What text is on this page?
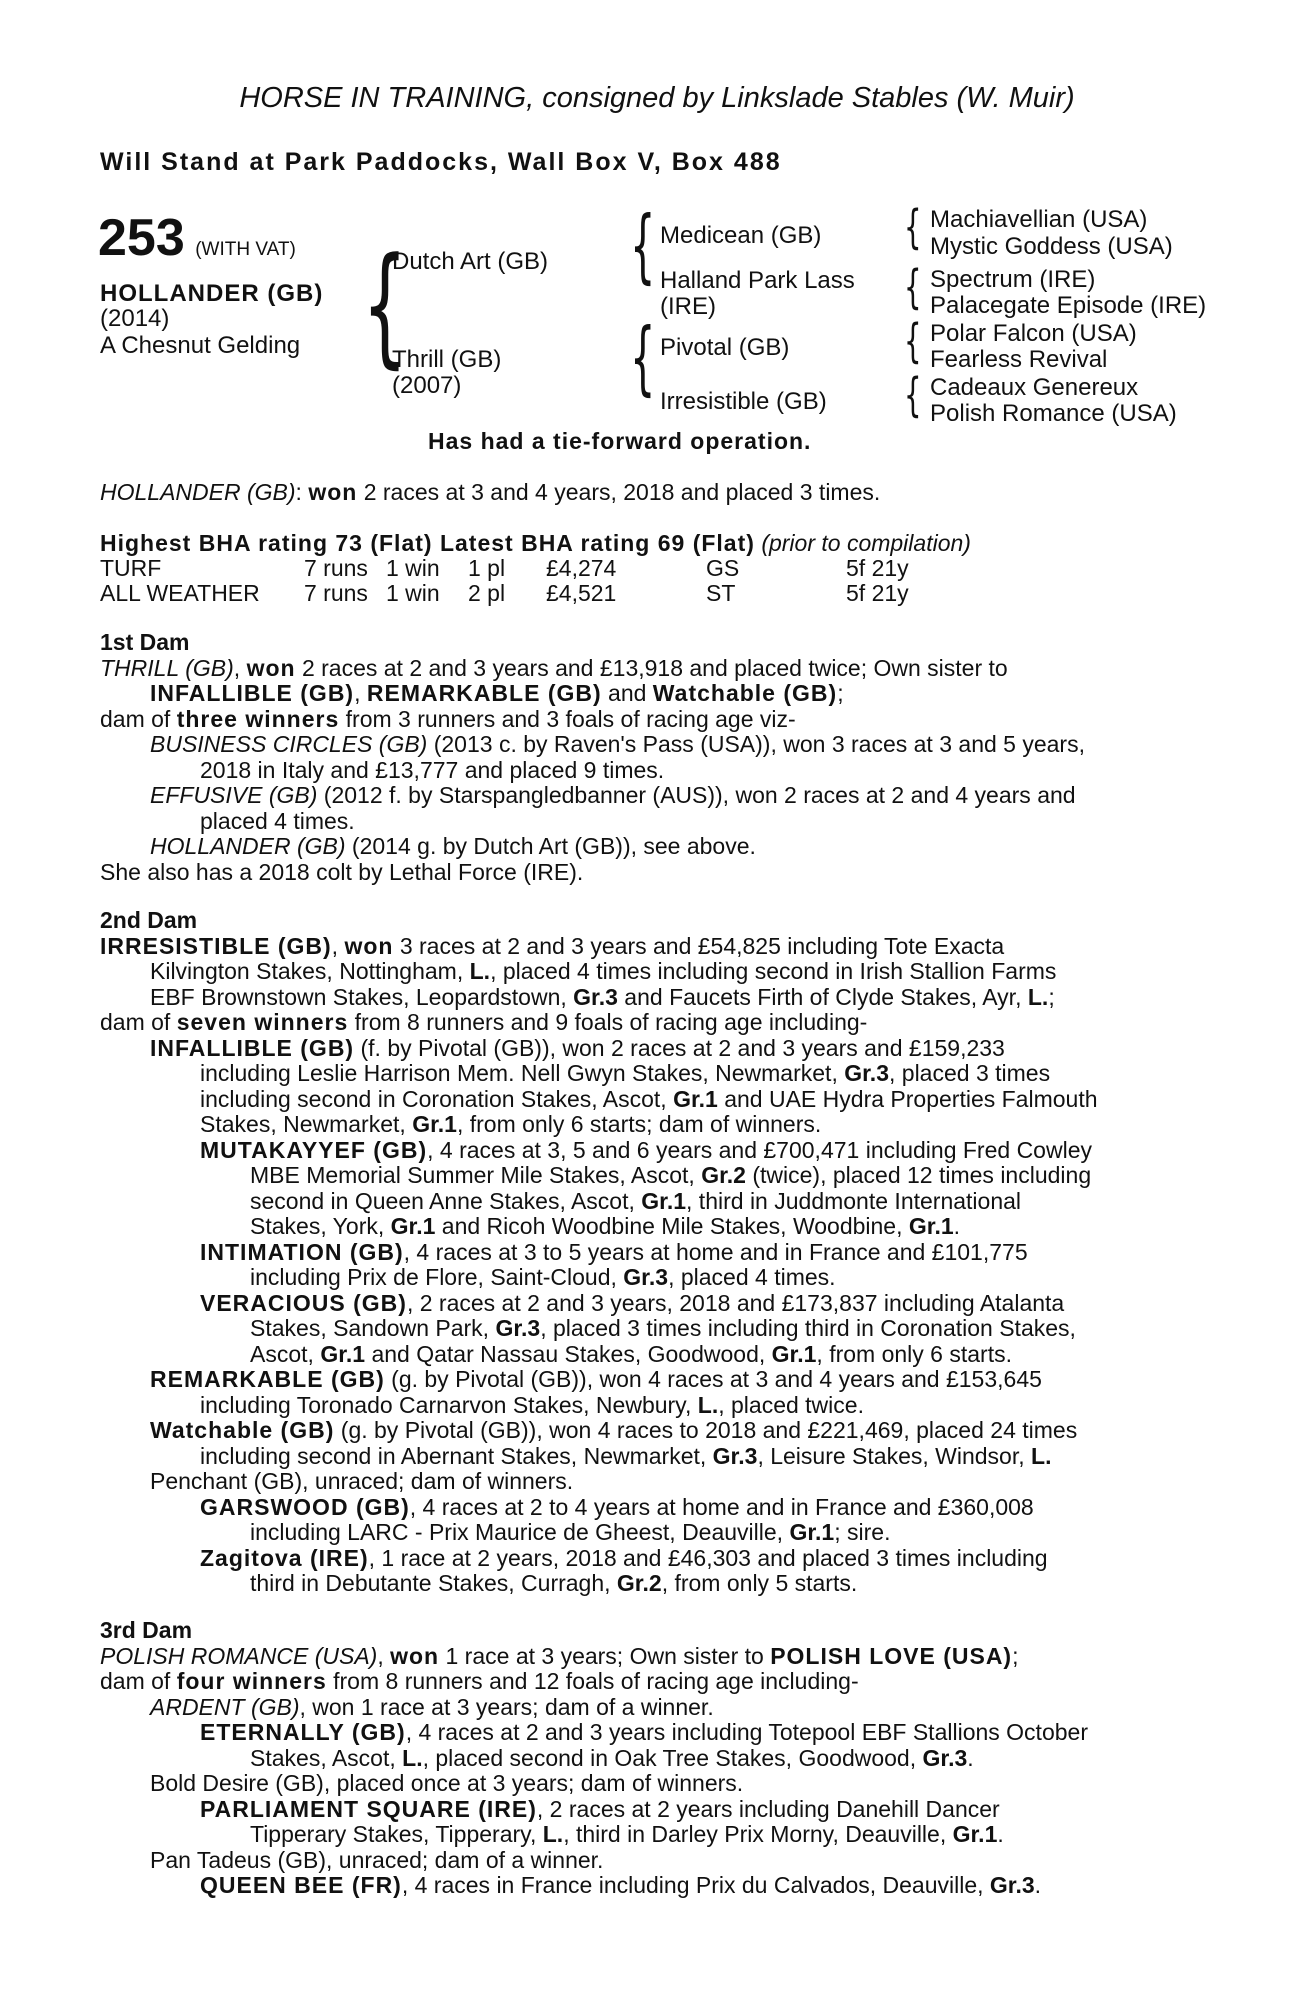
HORSE IN TRAINING, consigned by Linkslade Stables (W. Muir)
Will Stand at Park Paddocks, Wall Box V, Box 488
253 (WITH VAT)
HOLLANDER (GB)
(2014)
A Chesnut Gelding {
Dutch Art (GB)
Thrill (GB)
(2007)
{ Medicean (GB)
Halland Park Lass
(IRE)
{ Pivotal (GB)
Irresistible (GB)
{ Machiavellian (USA)
Mystic Goddess (USA)
{ Spectrum (IRE)
Palacegate Episode (IRE)
{ Polar Falcon (USA)
Fearless Revival
{ Cadeaux Genereux
Polish Romance (USA)
Has had a tie-forward operation.
HOLLANDER (GB): won 2 races at 3 and 4 years, 2018 and placed 3 times.
Highest BHA rating 73 (Flat) Latest BHA rating 69 (Flat) (prior to compilation)
TURF	7 runs 1 win 1 pl £4,274	GS	5f 21y
ALL WEATHER 7 runs 1 win 2 pl £4,521	ST	5f 21y
1st Dam
THRILL (GB), won 2 races at 2 and 3 years and £13,918 and placed twice; Own sister to
INFALLIBLE (GB), REMARKABLE (GB) and Watchable (GB);
dam of three winners from 3 runners and 3 foals of racing age viz-
BUSINESS CIRCLES (GB) (2013 c. by Raven's Pass (USA)), won 3 races at 3 and 5 years,
2018 in Italy and £13,777 and placed 9 times.
EFFUSIVE (GB) (2012 f. by Starspangledbanner (AUS)), won 2 races at 2 and 4 years and
placed 4 times.
HOLLANDER (GB) (2014 g. by Dutch Art (GB)), see above.
She also has a 2018 colt by Lethal Force (IRE).
2nd Dam
IRRESISTIBLE (GB), won 3 races at 2 and 3 years and £54,825 including Tote Exacta
Kilvington Stakes, Nottingham, L., placed 4 times including second in Irish Stallion Farms
EBF Brownstown Stakes, Leopardstown, Gr.3 and Faucets Firth of Clyde Stakes, Ayr, L.;
dam of seven winners from 8 runners and 9 foals of racing age including-
INFALLIBLE (GB) (f. by Pivotal (GB)), won 2 races at 2 and 3 years and £159,233
including Leslie Harrison Mem. Nell Gwyn Stakes, Newmarket, Gr.3, placed 3 times
including second in Coronation Stakes, Ascot, Gr.1 and UAE Hydra Properties Falmouth
Stakes, Newmarket, Gr.1, from only 6 starts; dam of winners.
MUTAKAYYEF (GB), 4 races at 3, 5 and 6 years and £700,471 including Fred Cowley
MBE Memorial Summer Mile Stakes, Ascot, Gr.2 (twice), placed 12 times including
second in Queen Anne Stakes, Ascot, Gr.1, third in Juddmonte International
Stakes, York, Gr.1 and Ricoh Woodbine Mile Stakes, Woodbine, Gr.1.
INTIMATION (GB), 4 races at 3 to 5 years at home and in France and £101,775
including Prix de Flore, Saint-Cloud, Gr.3, placed 4 times.
VERACIOUS (GB), 2 races at 2 and 3 years, 2018 and £173,837 including Atalanta
Stakes, Sandown Park, Gr.3, placed 3 times including third in Coronation Stakes,
Ascot, Gr.1 and Qatar Nassau Stakes, Goodwood, Gr.1, from only 6 starts.
REMARKABLE (GB) (g. by Pivotal (GB)), won 4 races at 3 and 4 years and £153,645
including Toronado Carnarvon Stakes, Newbury, L., placed twice.
Watchable (GB) (g. by Pivotal (GB)), won 4 races to 2018 and £221,469, placed 24 times
including second in Abernant Stakes, Newmarket, Gr.3, Leisure Stakes, Windsor, L.
Penchant (GB), unraced; dam of winners.
GARSWOOD (GB), 4 races at 2 to 4 years at home and in France and £360,008
including LARC - Prix Maurice de Gheest, Deauville, Gr.1; sire.
Zagitova (IRE), 1 race at 2 years, 2018 and £46,303 and placed 3 times including
third in Debutante Stakes, Curragh, Gr.2, from only 5 starts.
3rd Dam
POLISH ROMANCE (USA), won 1 race at 3 years; Own sister to POLISH LOVE (USA);
dam of four winners from 8 runners and 12 foals of racing age including-
ARDENT (GB), won 1 race at 3 years; dam of a winner.
ETERNALLY (GB), 4 races at 2 and 3 years including Totepool EBF Stallions October
Stakes, Ascot, L., placed second in Oak Tree Stakes, Goodwood, Gr.3.
Bold Desire (GB), placed once at 3 years; dam of winners.
PARLIAMENT SQUARE (IRE), 2 races at 2 years including Danehill Dancer
Tipperary Stakes, Tipperary, L., third in Darley Prix Morny, Deauville, Gr.1.
Pan Tadeus (GB), unraced; dam of a winner.
QUEEN BEE (FR), 4 races in France including Prix du Calvados, Deauville, Gr.3.
